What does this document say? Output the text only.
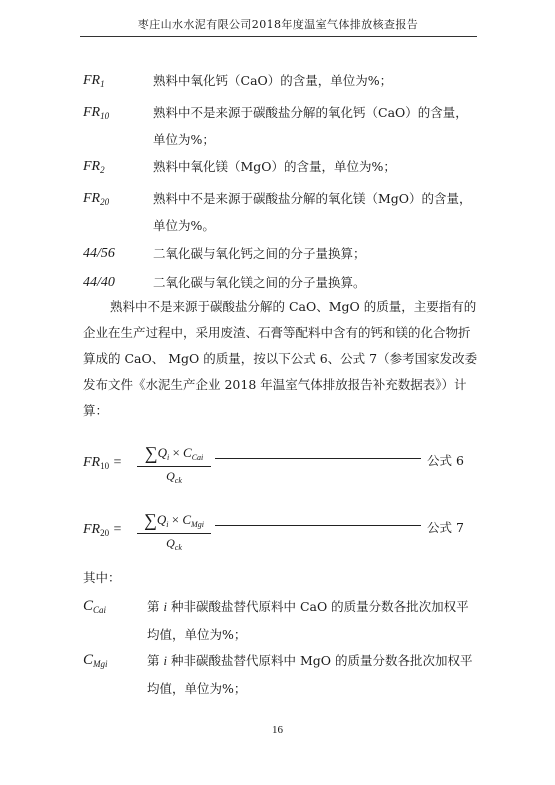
枣庄山水水泥有限公司2018年度温室气体排放核查报告
$FR_1$	熟料中氧化钙（CaO）的含量，单位为%；
$FR_{10}$	熟料中不是来源于碳酸盐分解的氧化钙（CaO）的含量，单位为%；
$FR_2$	熟料中氧化镁（MgO）的含量，单位为%；
$FR_{20}$	熟料中不是来源于碳酸盐分解的氧化镁（MgO）的含量，单位为%。
44/56	二氧化碳与氧化钙之间的分子量换算；
44/40	二氧化碳与氧化镁之间的分子量换算。

熟料中不是来源于碳酸盐分解的 CaO、MgO 的质量，主要指有的企业在生产过程中，采用废渣、石膏等配料中含有的钙和镁的化合物折算成的 CaO、 MgO 的质量，按以下公式 6、公式 7（参考国家发改委发布文件《水泥生产企业 2018 年温室气体排放报告补充数据表》）计算：

$FR_{10}$ =	$\sum Q_i \times C_{Cai}$
$Q_{ck}$
公式 6
$FR_{20}$ =	$\sum Q_i \times C_{Mgi}$
$Q_{ck}$
公式 7
其中：
$C_{Cai}$	第 i 种非碳酸盐替代原料中 CaO 的质量分数各批次加权平均值，单位为%；
$C_{Mgi}$	第 i 种非碳酸盐替代原料中 MgO 的质量分数各批次加权平均值，单位为%；
16
